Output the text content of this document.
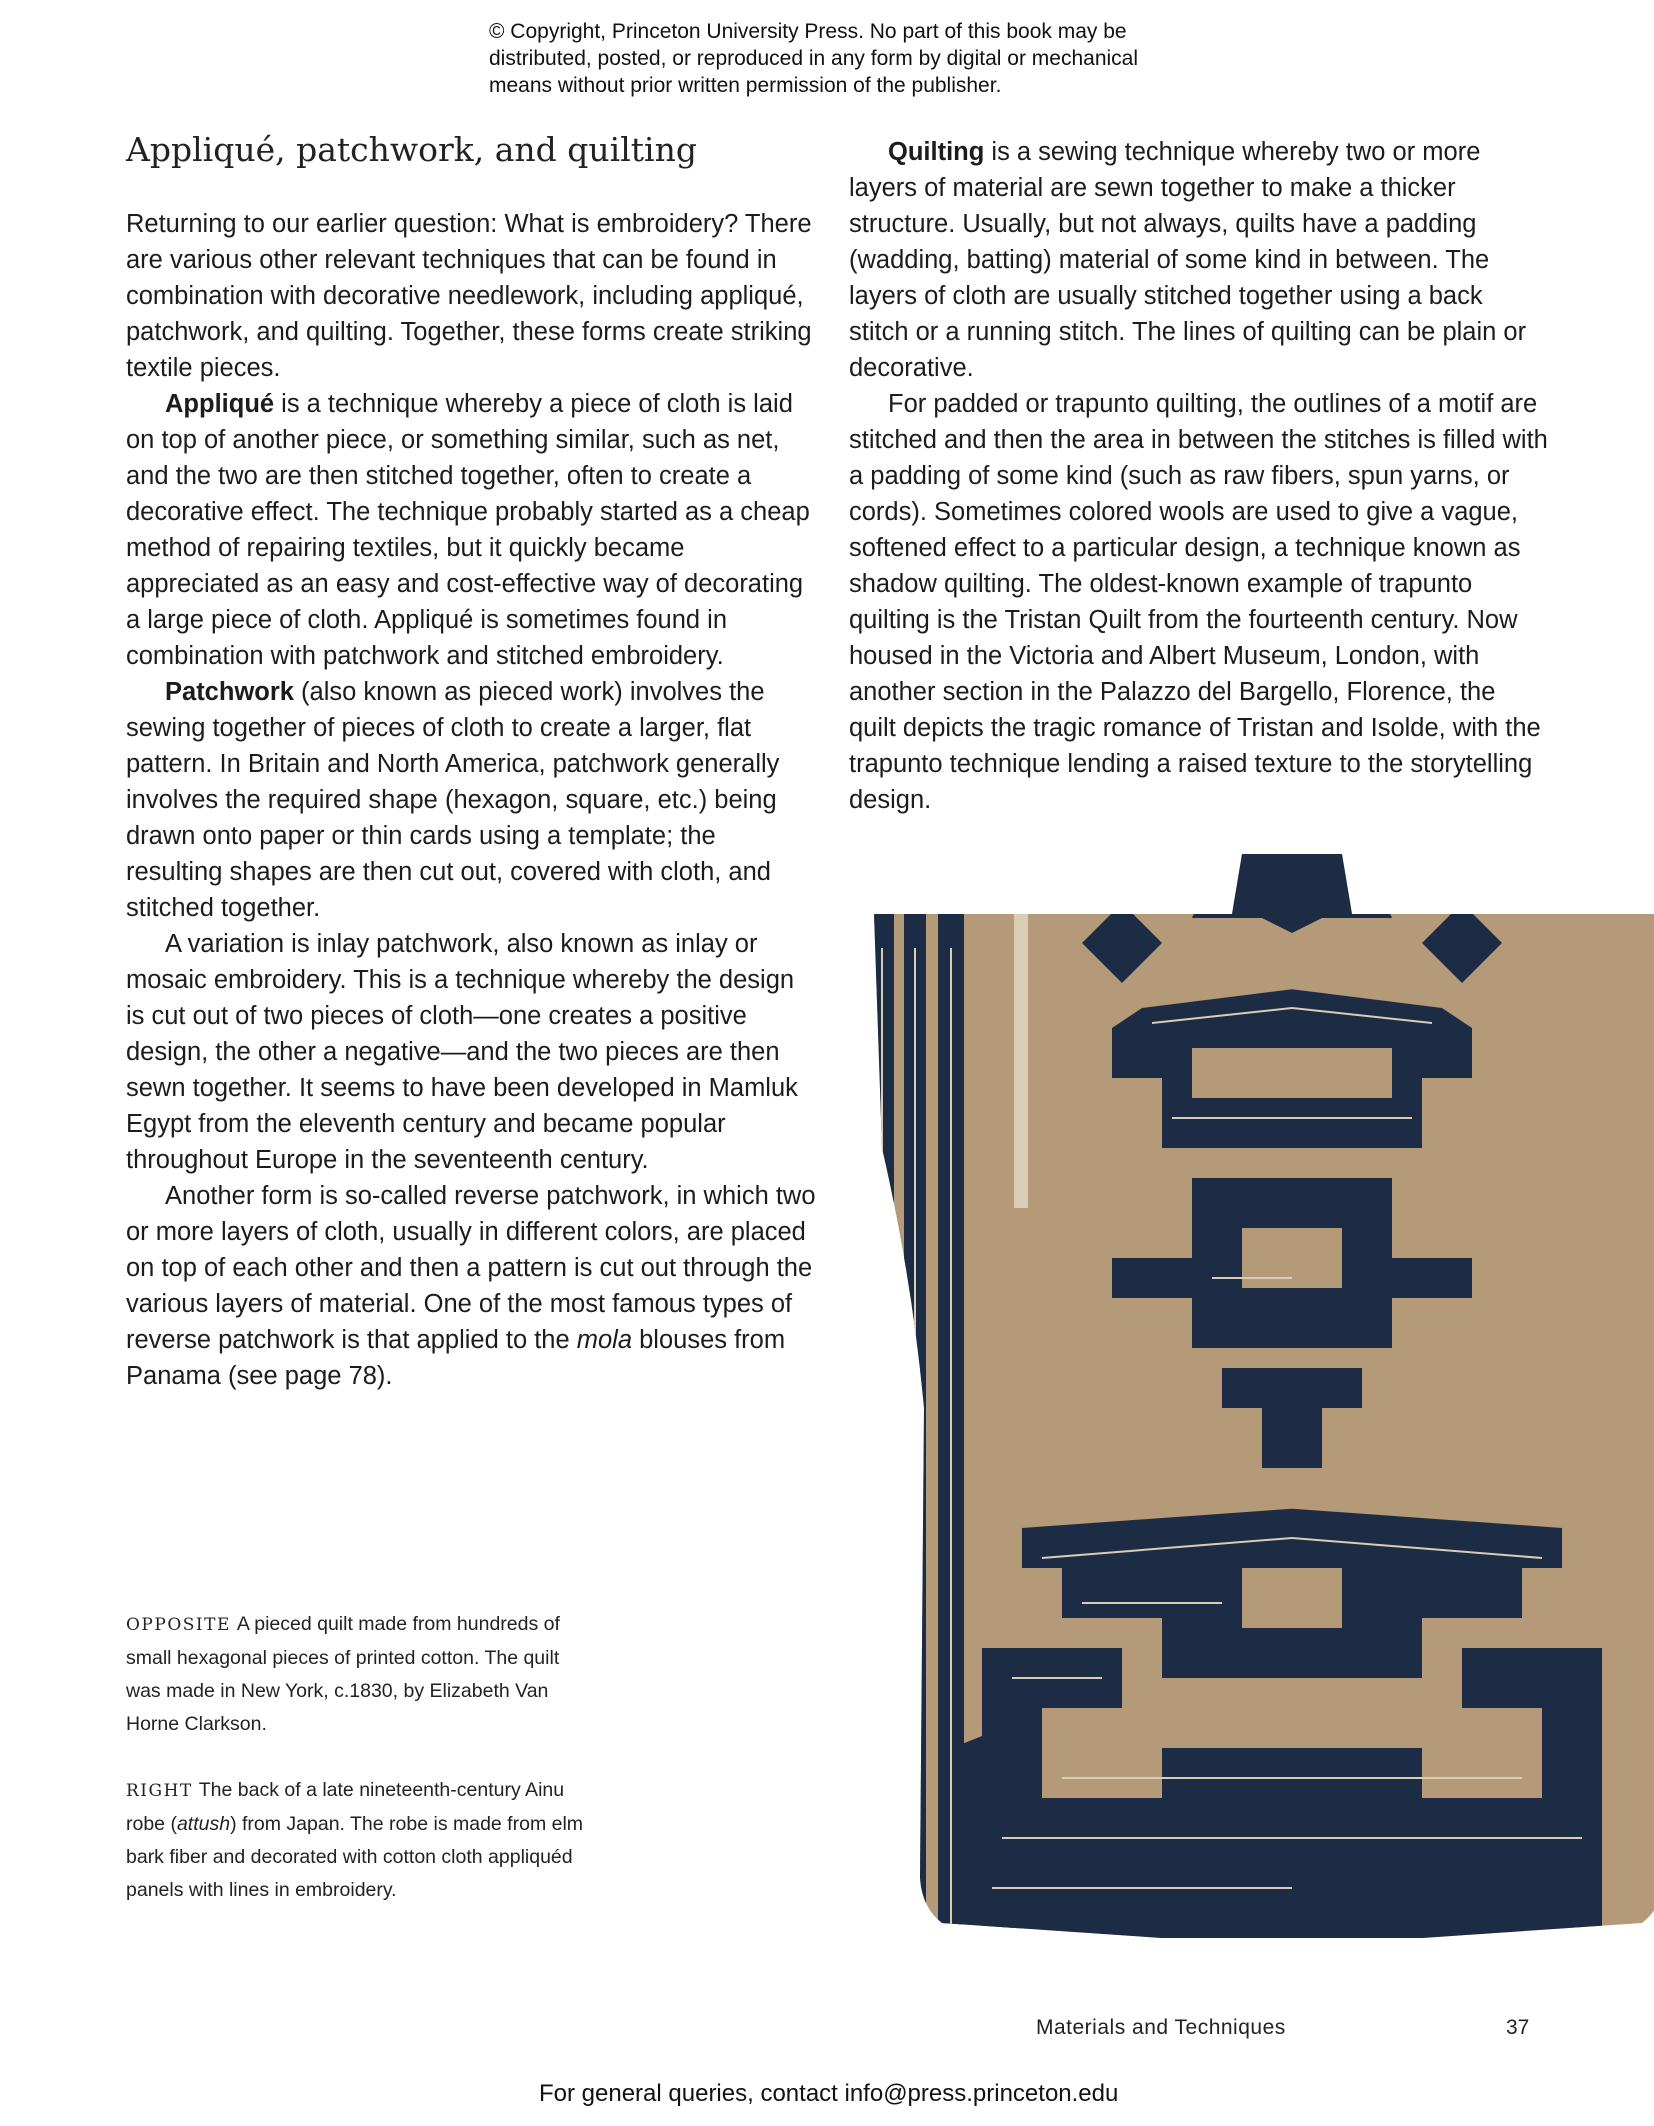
© Copyright, Princeton University Press. No part of this book may be
distributed, posted, or reproduced in any form by digital or mechanical
means without prior written permission of the publisher.
Appliqué, patchwork, and quilting

Returning to our earlier question: What is embroidery? There are various other relevant techniques that can be found in combination with decorative needlework, including appliqué, patchwork, and quilting. Together, these forms create striking textile pieces.

Appliqué is a technique whereby a piece of cloth is laid on top of another piece, or something similar, such as net, and the two are then stitched together, often to create a decorative effect. The technique probably started as a cheap method of repairing textiles, but it quickly became appreciated as an easy and cost-effective way of decorating a large piece of cloth. Appliqué is sometimes found in combination with patchwork and stitched embroidery.

Patchwork (also known as pieced work) involves the sewing together of pieces of cloth to create a larger, flat pattern. In Britain and North America, patchwork generally involves the required shape (hexagon, square, etc.) being drawn onto paper or thin cards using a template; the resulting shapes are then cut out, covered with cloth, and stitched together.

A variation is inlay patchwork, also known as inlay or mosaic embroidery. This is a technique whereby the design is cut out of two pieces of cloth—one creates a positive design, the other a negative—and the two pieces are then sewn together. It seems to have been developed in Mamluk Egypt from the eleventh century and became popular throughout Europe in the seventeenth century.

Another form is so-called reverse patchwork, in which two or more layers of cloth, usually in different colors, are placed on top of each other and then a pattern is cut out through the various layers of material. One of the most famous types of reverse patchwork is that applied to the mola blouses from Panama (see page 78).

Quilting is a sewing technique whereby two or more layers of material are sewn together to make a thicker structure. Usually, but not always, quilts have a padding (wadding, batting) material of some kind in between. The layers of cloth are usually stitched together using a back stitch or a running stitch. The lines of quilting can be plain or decorative.

For padded or trapunto quilting, the outlines of a motif are stitched and then the area in between the stitches is filled with a padding of some kind (such as raw fibers, spun yarns, or cords). Sometimes colored wools are used to give a vague, softened effect to a particular design, a technique known as shadow quilting. The oldest-known example of trapunto quilting is the Tristan Quilt from the fourteenth century. Now housed in the Victoria and Albert Museum, London, with another section in the Palazzo del Bargello, Florence, the quilt depicts the tragic romance of Tristan and Isolde, with the trapunto technique lending a raised texture to the storytelling design.

OPPOSITE A pieced quilt made from hundreds of small hexagonal pieces of printed cotton. The quilt was made in New York, c.1830, by Elizabeth Van Horne Clarkson.

RIGHT The back of a late nineteenth-century Ainu robe (attush) from Japan. The robe is made from elm bark fiber and decorated with cotton cloth appliquéd panels with lines in embroidery.

Materials and Techniques	37
For general queries, contact info@press.princeton.edu
